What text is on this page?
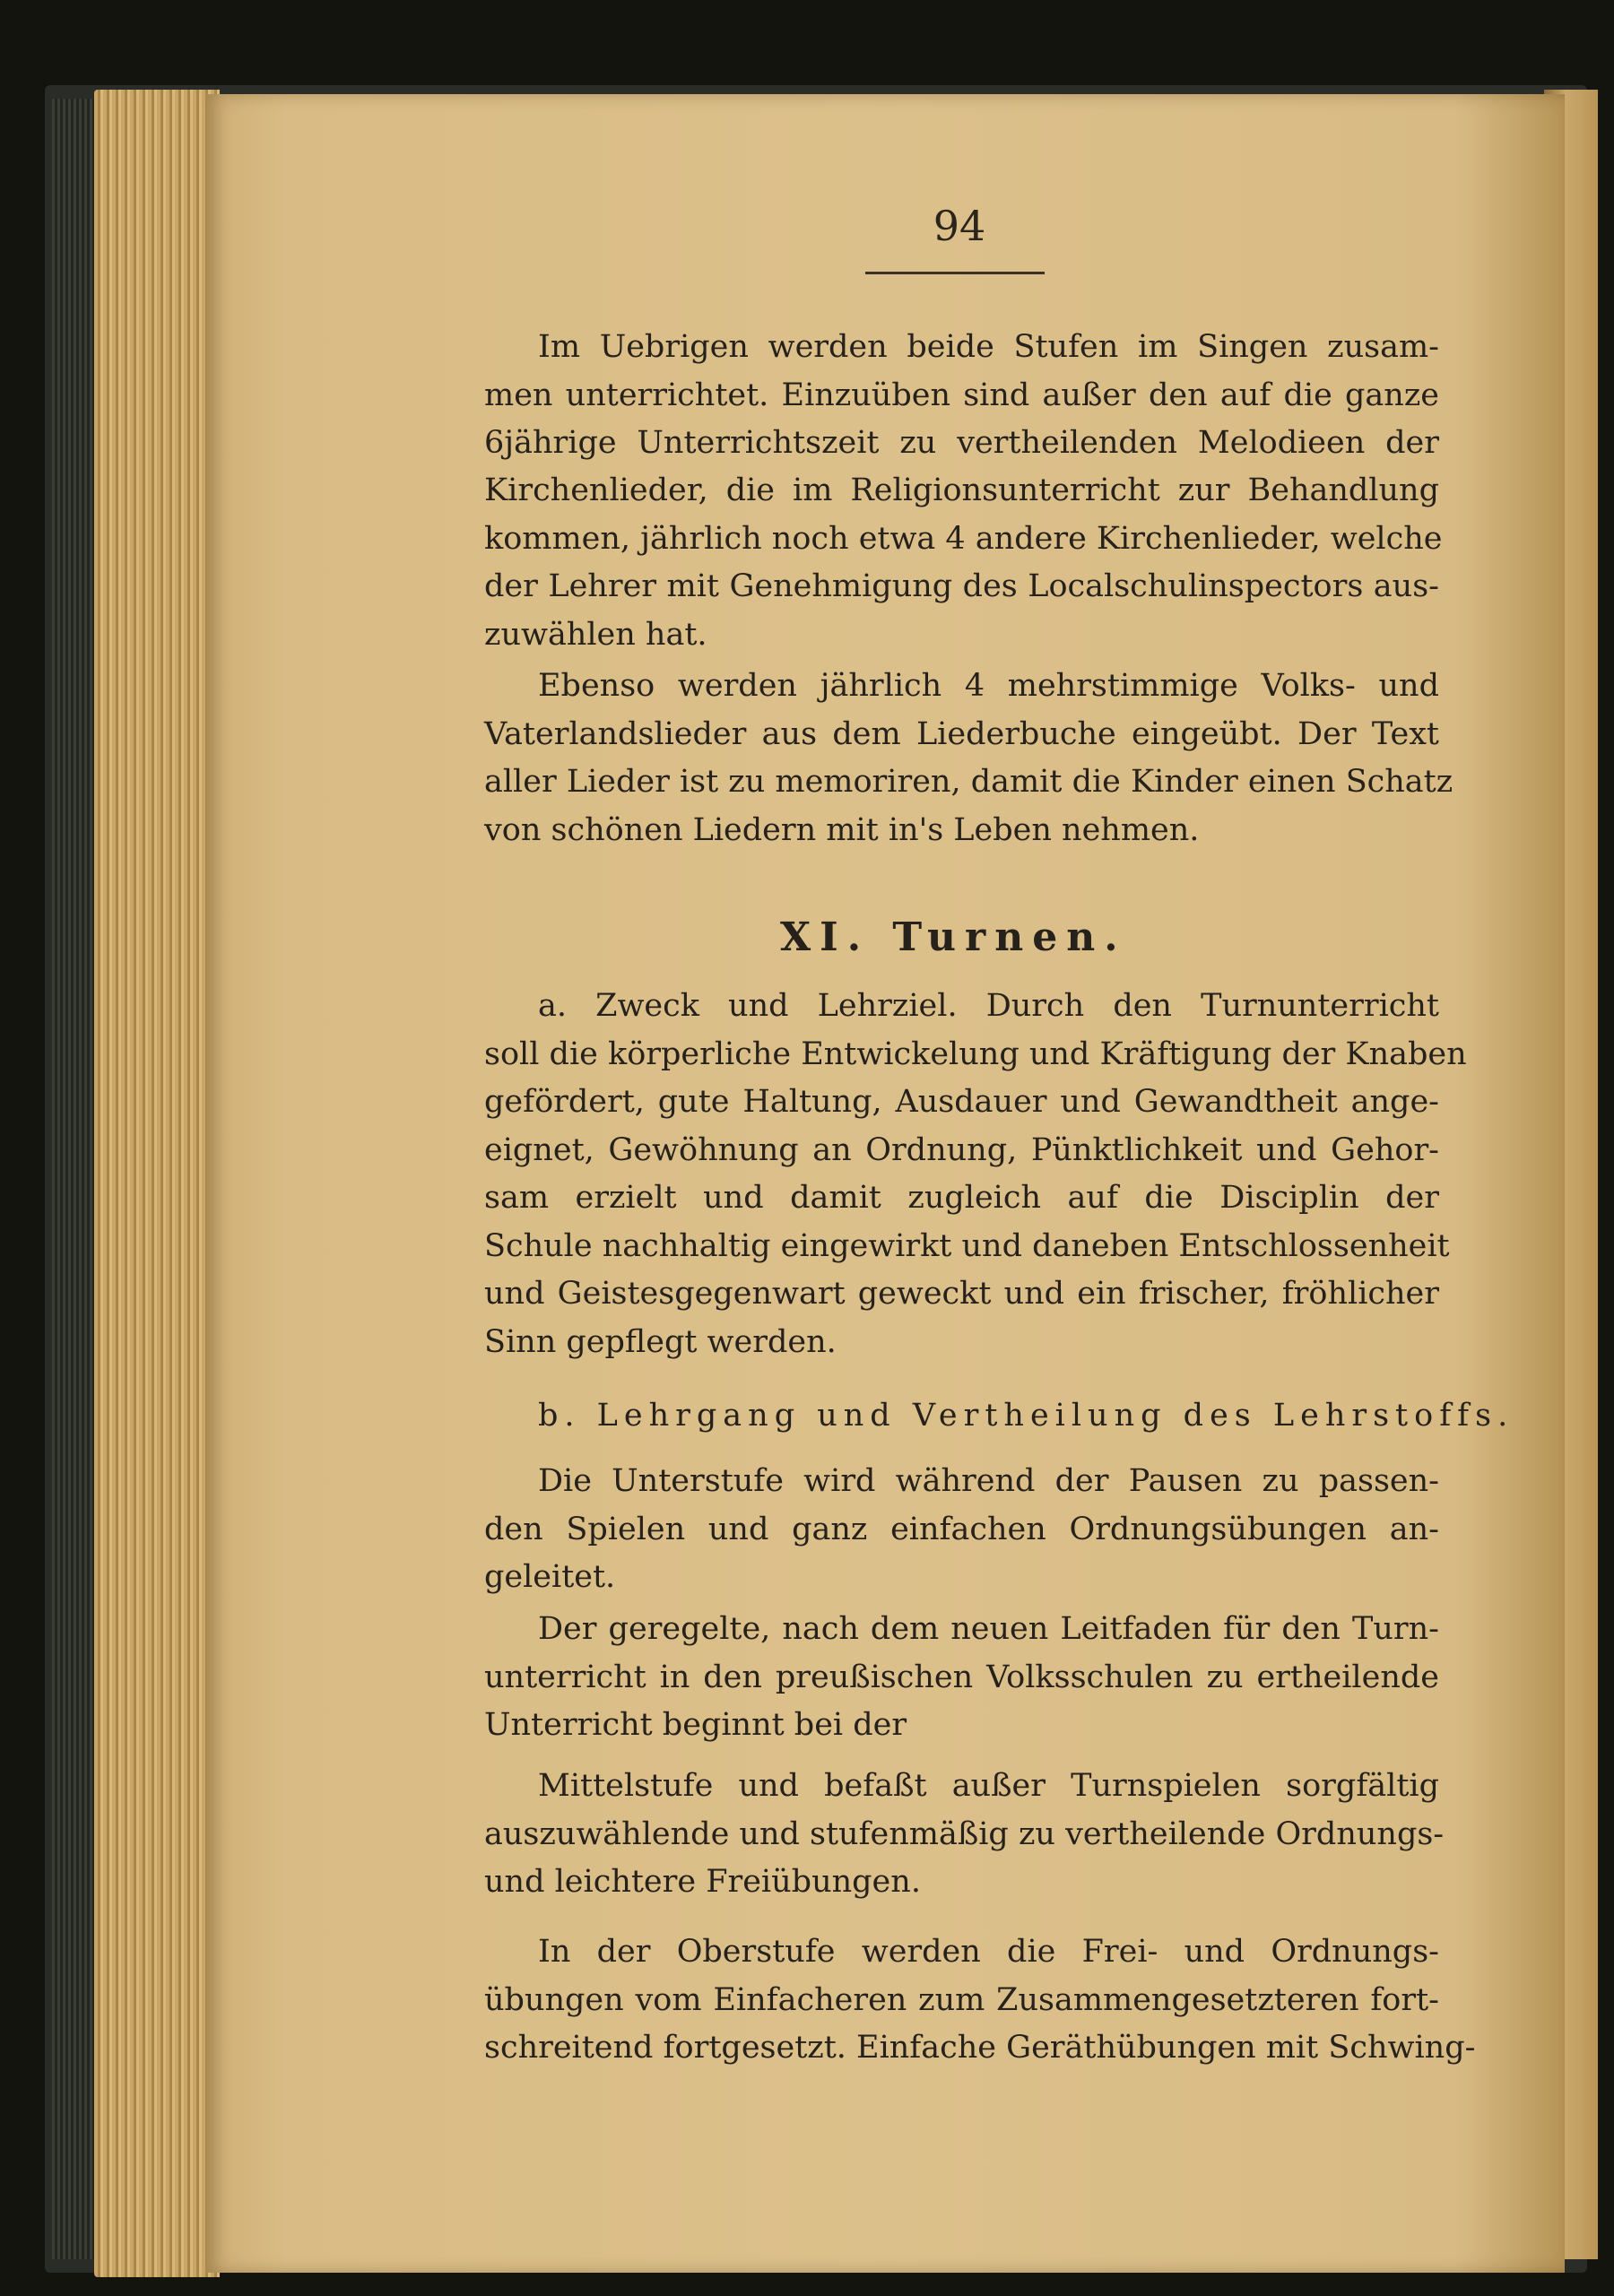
94
Im Uebrigen werden beide Stufen im Singen zusam-
men unterrichtet. Einzuüben sind außer den auf die ganze
6jährige Unterrichtszeit zu vertheilenden Melodieen der
Kirchenlieder, die im Religionsunterricht zur Behandlung
kommen, jährlich noch etwa 4 andere Kirchenlieder, welche
der Lehrer mit Genehmigung des Localschulinspectors aus-
zuwählen hat.
Ebenso werden jährlich 4 mehrstimmige Volks- und
Vaterlandslieder aus dem Liederbuche eingeübt. Der Text
aller Lieder ist zu memoriren, damit die Kinder einen Schatz
von schönen Liedern mit in's Leben nehmen.
XI. Turnen.
a. Zweck und Lehrziel. Durch den Turnunterricht
soll die körperliche Entwickelung und Kräftigung der Knaben
gefördert, gute Haltung, Ausdauer und Gewandtheit ange-
eignet, Gewöhnung an Ordnung, Pünktlichkeit und Gehor-
sam erzielt und damit zugleich auf die Disciplin der
Schule nachhaltig eingewirkt und daneben Entschlossenheit
und Geistesgegenwart geweckt und ein frischer, fröhlicher
Sinn gepflegt werden.
b. Lehrgang und Vertheilung des Lehrstoffs.
Die Unterstufe wird während der Pausen zu passen-
den Spielen und ganz einfachen Ordnungsübungen an-
geleitet.
Der geregelte, nach dem neuen Leitfaden für den Turn-
unterricht in den preußischen Volksschulen zu ertheilende
Unterricht beginnt bei der
Mittelstufe und befaßt außer Turnspielen sorgfältig
auszuwählende und stufenmäßig zu vertheilende Ordnungs-
und leichtere Freiübungen.
In der Oberstufe werden die Frei- und Ordnungs-
übungen vom Einfacheren zum Zusammengesetzteren fort-
schreitend fortgesetzt. Einfache Geräthübungen mit Schwing-
